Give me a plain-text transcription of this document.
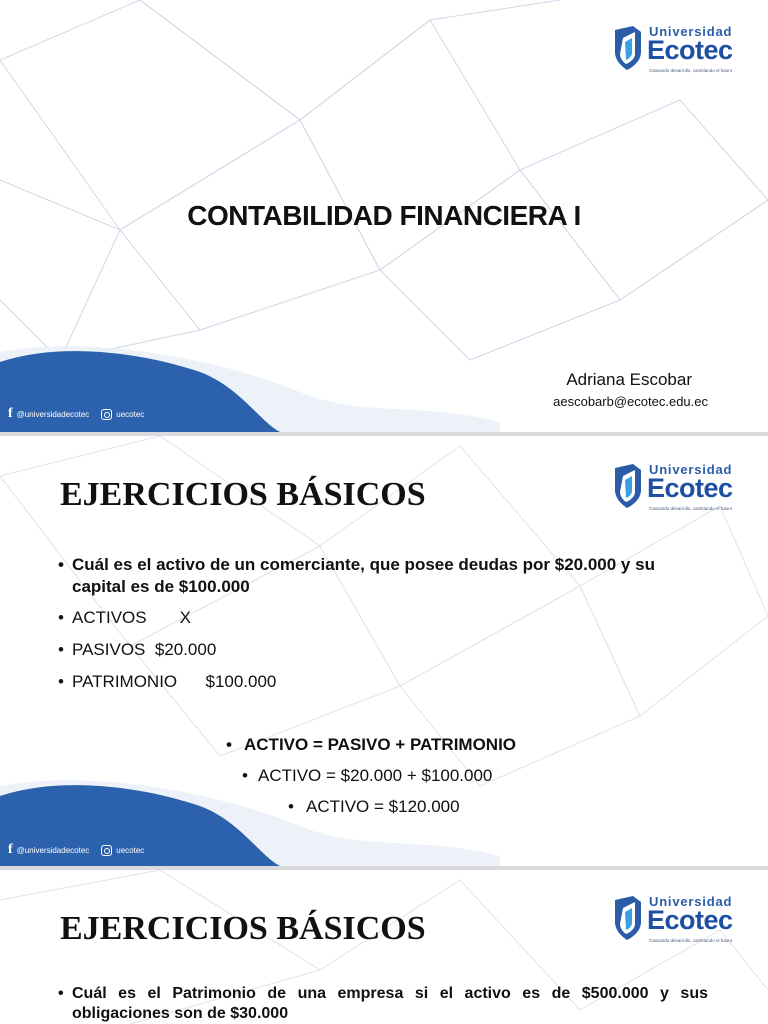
f @universidadecotec	uecotec
Universidad
Ecotec
Cassando desarrollo, cambiando el futuro
CONTABILIDAD FINANCIERA I
Adriana Escobar
aescobarb@ecotec.edu.ec
f @universidadecotec	uecotec
Universidad
Ecotec
Cassando desarrollo, cambiando el futuro
EJERCICIOS BÁSICOS
• Cuál es el activo de un comerciante, que posee deudas por $20.000 y su capital es de $100.000
• ACTIVOS       X
• PASIVOS  $20.000
• PATRIMONIO      $100.000
• ACTIVO = PASIVO + PATRIMONIO
• ACTIVO = $20.000 + $100.000
• ACTIVO = $120.000
Universidad
Ecotec
Cassando desarrollo, cambiando el futuro
EJERCICIOS BÁSICOS
• Cuál es el Patrimonio de una empresa si el activo es de $500.000 y sus obligaciones son de $30.000
